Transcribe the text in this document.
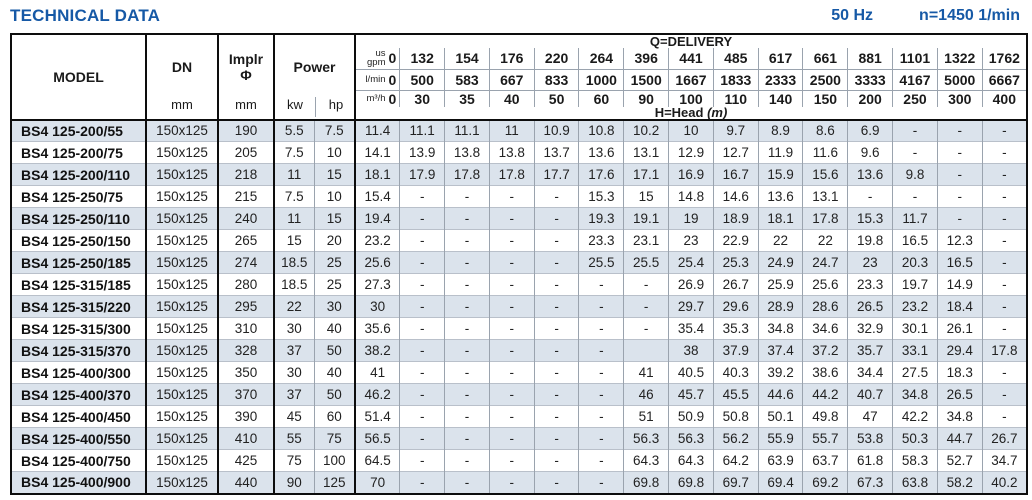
TECHNICAL DATA	50 Hz	n=1450 1/min
MODEL

DN
mm

Implr
Φ
mm

Power
kw	hp
	Q=DELIVERY

					us
gpm 0	132	154	176	220	264	396	441	485	617	661	881	1101	1322	1762

					l/min 0	500	583	667	833	1000	1500	1667	1833	2333	2500	3333	4167	5000	6667

					m³/h 0	30	35	40	50	60	90	100	110	140	150	200	250	300	400
					H=Head (m)														
BS4 125-200/55	150x125	190	5.5	7.5	11.4	11.1	11.1	11	10.9	10.8	10.2	10	9.7	8.9	8.6	6.9	-	-	-
BS4 125-200/75	150x125	205	7.5	10	14.1	13.9	13.8	13.8	13.7	13.6	13.1	12.9	12.7	11.9	11.6	9.6	-	-	-
BS4 125-200/110	150x125	218	11	15	18.1	17.9	17.8	17.8	17.7	17.6	17.1	16.9	16.7	15.9	15.6	13.6	9.8	-	-
BS4 125-250/75	150x125	215	7.5	10	15.4	-	-	-	-	15.3	15	14.8	14.6	13.6	13.1	-	-	-	-
BS4 125-250/110	150x125	240	11	15	19.4	-	-	-	-	19.3	19.1	19	18.9	18.1	17.8	15.3	11.7	-	-
BS4 125-250/150	150x125	265	15	20	23.2	-	-	-	-	23.3	23.1	23	22.9	22	22	19.8	16.5	12.3	-
BS4 125-250/185	150x125	274	18.5	25	25.6	-	-	-	-	25.5	25.5	25.4	25.3	24.9	24.7	23	20.3	16.5	-
BS4 125-315/185	150x125	280	18.5	25	27.3	-	-	-	-	-	-	26.9	26.7	25.9	25.6	23.3	19.7	14.9	-
BS4 125-315/220	150x125	295	22	30	30	-	-	-	-	-	-	29.7	29.6	28.9	28.6	26.5	23.2	18.4	-
BS4 125-315/300	150x125	310	30	40	35.6	-	-	-	-	-	-	35.4	35.3	34.8	34.6	32.9	30.1	26.1	-
BS4 125-315/370	150x125	328	37	50	38.2	-	-	-	-	-		38	37.9	37.4	37.2	35.7	33.1	29.4	17.8
BS4 125-400/300	150x125	350	30	40	41	-	-	-	-	-	41	40.5	40.3	39.2	38.6	34.4	27.5	18.3	-
BS4 125-400/370	150x125	370	37	50	46.2	-	-	-	-	-	46	45.7	45.5	44.6	44.2	40.7	34.8	26.5	-
BS4 125-400/450	150x125	390	45	60	51.4	-	-	-	-	-	51	50.9	50.8	50.1	49.8	47	42.2	34.8	-
BS4 125-400/550	150x125	410	55	75	56.5	-	-	-	-	-	56.3	56.3	56.2	55.9	55.7	53.8	50.3	44.7	26.7
BS4 125-400/750	150x125	425	75	100	64.5	-	-	-	-	-	64.3	64.3	64.2	63.9	63.7	61.8	58.3	52.7	34.7
BS4 125-400/900	150x125	440	90	125	70	-	-	-	-	-	69.8	69.8	69.7	69.4	69.2	67.3	63.8	58.2	40.2
